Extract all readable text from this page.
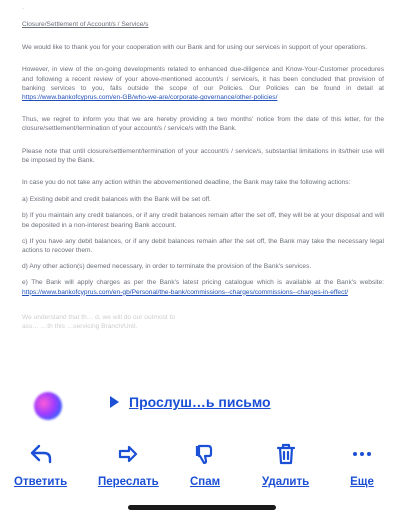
·
Closure/Settlement of Account/s / Service/s

We would like to thank you for your cooperation with our Bank and for using our services in support of your operations.

However, in view of the on-going developments related to enhanced due-diligence and Know-Your-Customer procedures and following a recent review of your above-mentioned account/s / service/s, it has been concluded that provision of banking services to you, falls outside the scope of our Policies. Our Policies can be found in detail at https://www.bankofcyprus.com/en-GB/who-we-are/corporate-governance/other-policies/

Thus, we regret to inform you that we are hereby providing a two months' notice from the date of this letter, for the closure/settlement/termination of your account/s / service/s with the Bank.

Please note that until closure/settlement/termination of your account/s / service/s, substantial limitations in its/their use will be imposed by the Bank.

In case you do not take any action within the abovementioned deadline, the Bank may take the following actions:

a) Existing debit and credit balances with the Bank will be set off.

b) If you maintain any credit balances, or if any credit balances remain after the set off, they will be at your disposal and will be deposited in a non-interest bearing Bank account.

c) If you have any debit balances, or if any debit balances remain after the set off, the Bank may take the necessary legal actions to recover them.

d) Any other action(s) deemed necessary, in order to terminate the provision of the Bank's services.

e) The Bank will apply charges as per the Bank's latest pricing catalogue which is available at the Bank's website: https://www.bankofcyprus.com/en-gb/Personal/the-bank/commissions--charges/commissions--charges-in-effect/

We understand that th… d, we will do our outmost to
ass… …th this …servicing Branch/Unit.

Прослуш…ь письмо
Ответить	Переслать	Спам	Удалить	Еще
